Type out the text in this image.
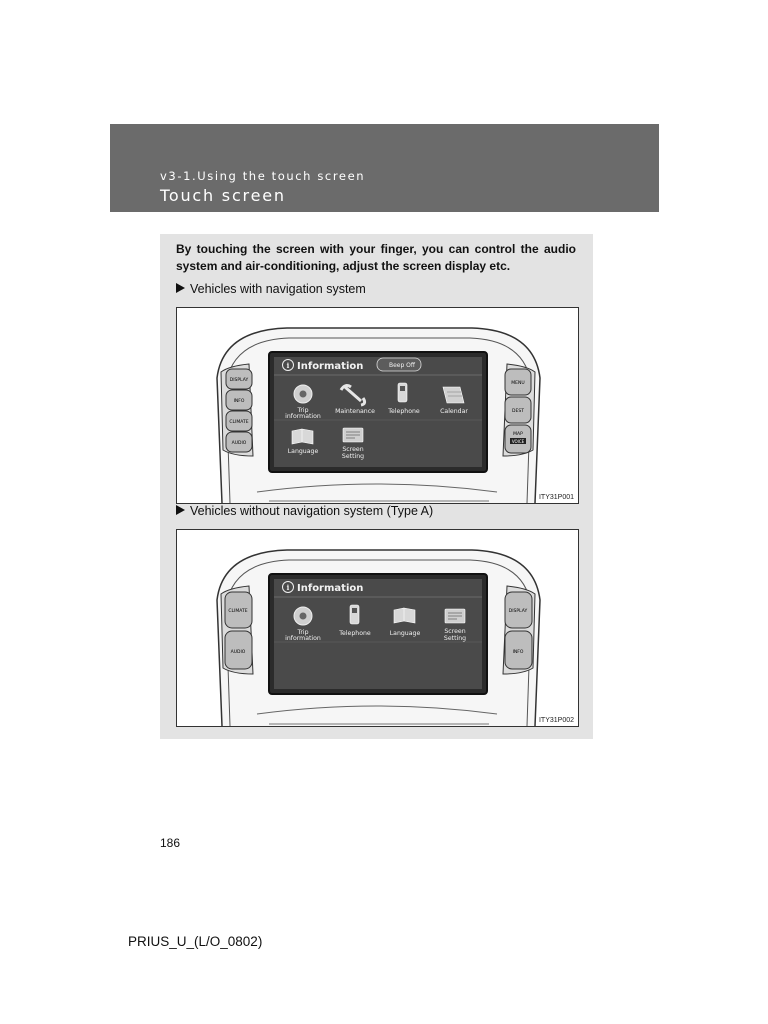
v3-1.Using the touch screen
Touch screen
By touching the screen with your finger, you can control the audio system and air-conditioning, adjust the screen display etc.
Vehicles with navigation system
DISPLAY
INFO
CLIMATE
AUDIO
MENU
DEST
MAP
VOICE
i Information	Beep Off
Trip
information
Maintenance Telephone	Calendar
Language	Screen
Setting
ITY31P001
Vehicles without navigation system (Type A)
CLIMATE
AUDIO
DISPLAY
INFO
i Information
Trip
information
Telephone	Language	Screen
Setting
ITY31P002
186
PRIUS_U_(L/O_0802)
